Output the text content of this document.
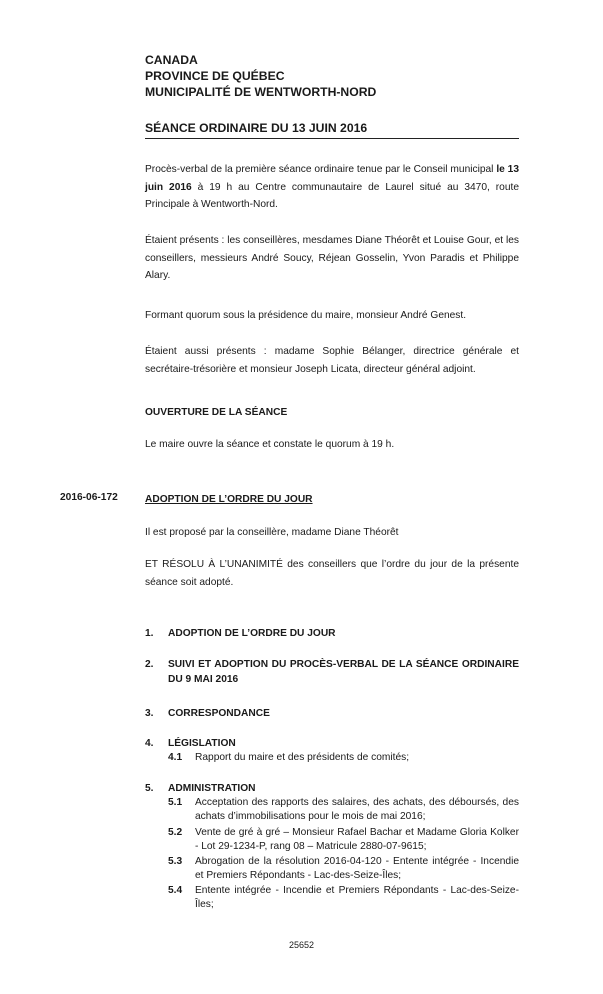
CANADA
PROVINCE DE QUÉBEC
MUNICIPALITÉ DE WENTWORTH-NORD
SÉANCE ORDINAIRE DU 13 JUIN 2016
Procès-verbal de la première séance ordinaire tenue par le Conseil municipal le 13 juin 2016 à 19 h au Centre communautaire de Laurel situé au 3470, route Principale à Wentworth-Nord.
Étaient présents : les conseillères, mesdames Diane Théorêt et Louise Gour, et les conseillers, messieurs André Soucy, Réjean Gosselin, Yvon Paradis et Philippe Alary.
Formant quorum sous la présidence du maire, monsieur André Genest.
Étaient aussi présents : madame Sophie Bélanger, directrice générale et secrétaire-trésorière et monsieur Joseph Licata, directeur général adjoint.
OUVERTURE DE LA SÉANCE
Le maire ouvre la séance et constate le quorum à 19 h.
2016-06-172	ADOPTION DE L’ORDRE DU JOUR
Il est proposé par la conseillère, madame Diane Théorêt
ET RÉSOLU À L’UNANIMITÉ des conseillers que l’ordre du jour de la présente séance soit adopté.
1. ADOPTION DE L’ORDRE DU JOUR
2. SUIVI ET ADOPTION DU PROCÈS-VERBAL DE LA SÉANCE ORDINAIRE DU 9 MAI 2016
3. CORRESPONDANCE
4. LÉGISLATION
4.1 Rapport du maire et des présidents de comités;
5. ADMINISTRATION
5.1 Acceptation des rapports des salaires, des achats, des déboursés, des achats d’immobilisations pour le mois de mai 2016;
5.2 Vente de gré à gré – Monsieur Rafael Bachar et Madame Gloria Kolker - Lot 29-1234-P, rang 08 – Matricule 2880-07-9615;
5.3 Abrogation de la résolution 2016-04-120 - Entente intégrée - Incendie et Premiers Répondants - Lac-des-Seize-Îles;
5.4 Entente intégrée - Incendie et Premiers Répondants - Lac-des-Seize-Îles;
25652
